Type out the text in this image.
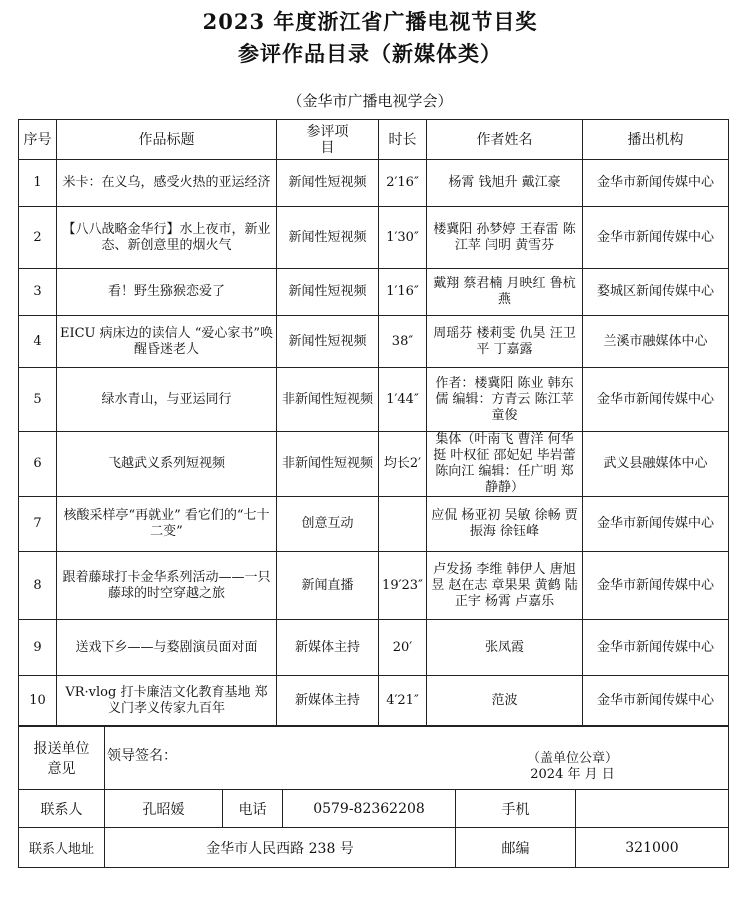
2023 年度浙江省广播电视节目奖
参评作品目录（新媒体类）
（金华市广播电视学会）
序号	作品标题	参评项目	时长	作者姓名	播出机构
1	米卡：在义乌，感受火热的亚运经济	新闻性短视频	2′16″	杨霄 钱旭升 戴江豪	金华市新闻传媒中心
2	【八八战略金华行】水上夜市，新业态、新创意里的烟火气	新闻性短视频	1′30″	楼冀阳 孙梦婷 王春雷 陈江苹 闫明 黄雪芬	金华市新闻传媒中心
3	看！野生猕猴恋爱了	新闻性短视频	1′16″	戴翔 蔡君楠 月映红 鲁杭燕	婺城区新闻传媒中心
4	EICU 病床边的读信人 “爱心家书”唤醒昏迷老人	新闻性短视频	38″	周瑶芬 楼莉雯 仇昊 汪卫平 丁嘉露	兰溪市融媒体中心
5	绿水青山，与亚运同行	非新闻性短视频	1′44″	作者：楼冀阳 陈业 韩东儒 编辑：方青云 陈江苹 童俊	金华市新闻传媒中心
6	飞越武义系列短视频	非新闻性短视频	均长2′	集体（叶南飞 曹洋 何华挺 叶权征 邵妃妃 毕岩蕾 陈向江 编辑：任广明 郑静静）	武义县融媒体中心
7	核酸采样亭“再就业” 看它们的“七十二变”	创意互动		应侃 杨亚初 吴敏 徐畅 贾振海 徐钰峰	金华市新闻传媒中心
8	跟着藤球打卡金华系列活动——一只藤球的时空穿越之旅	新闻直播	19′23″	卢发扬 李维 韩伊人 唐旭昱 赵在志 章果果 黄鹤 陆正宇 杨霄 卢嘉乐	金华市新闻传媒中心
9	送戏下乡——与婺剧演员面对面	新媒体主持	20′	张凤霞	金华市新闻传媒中心
10	VR·vlog 打卡廉洁文化教育基地 郑义门孝义传家九百年	新媒体主持	4′21″	范波	金华市新闻传媒中心
报送单位意见	领导签名： （盖单位公章）
2024 年 月 日				

联系人	孔昭媛	电话	0579-82362208	手机	
联系人地址	金华市人民西路 238 号			邮编	321000
